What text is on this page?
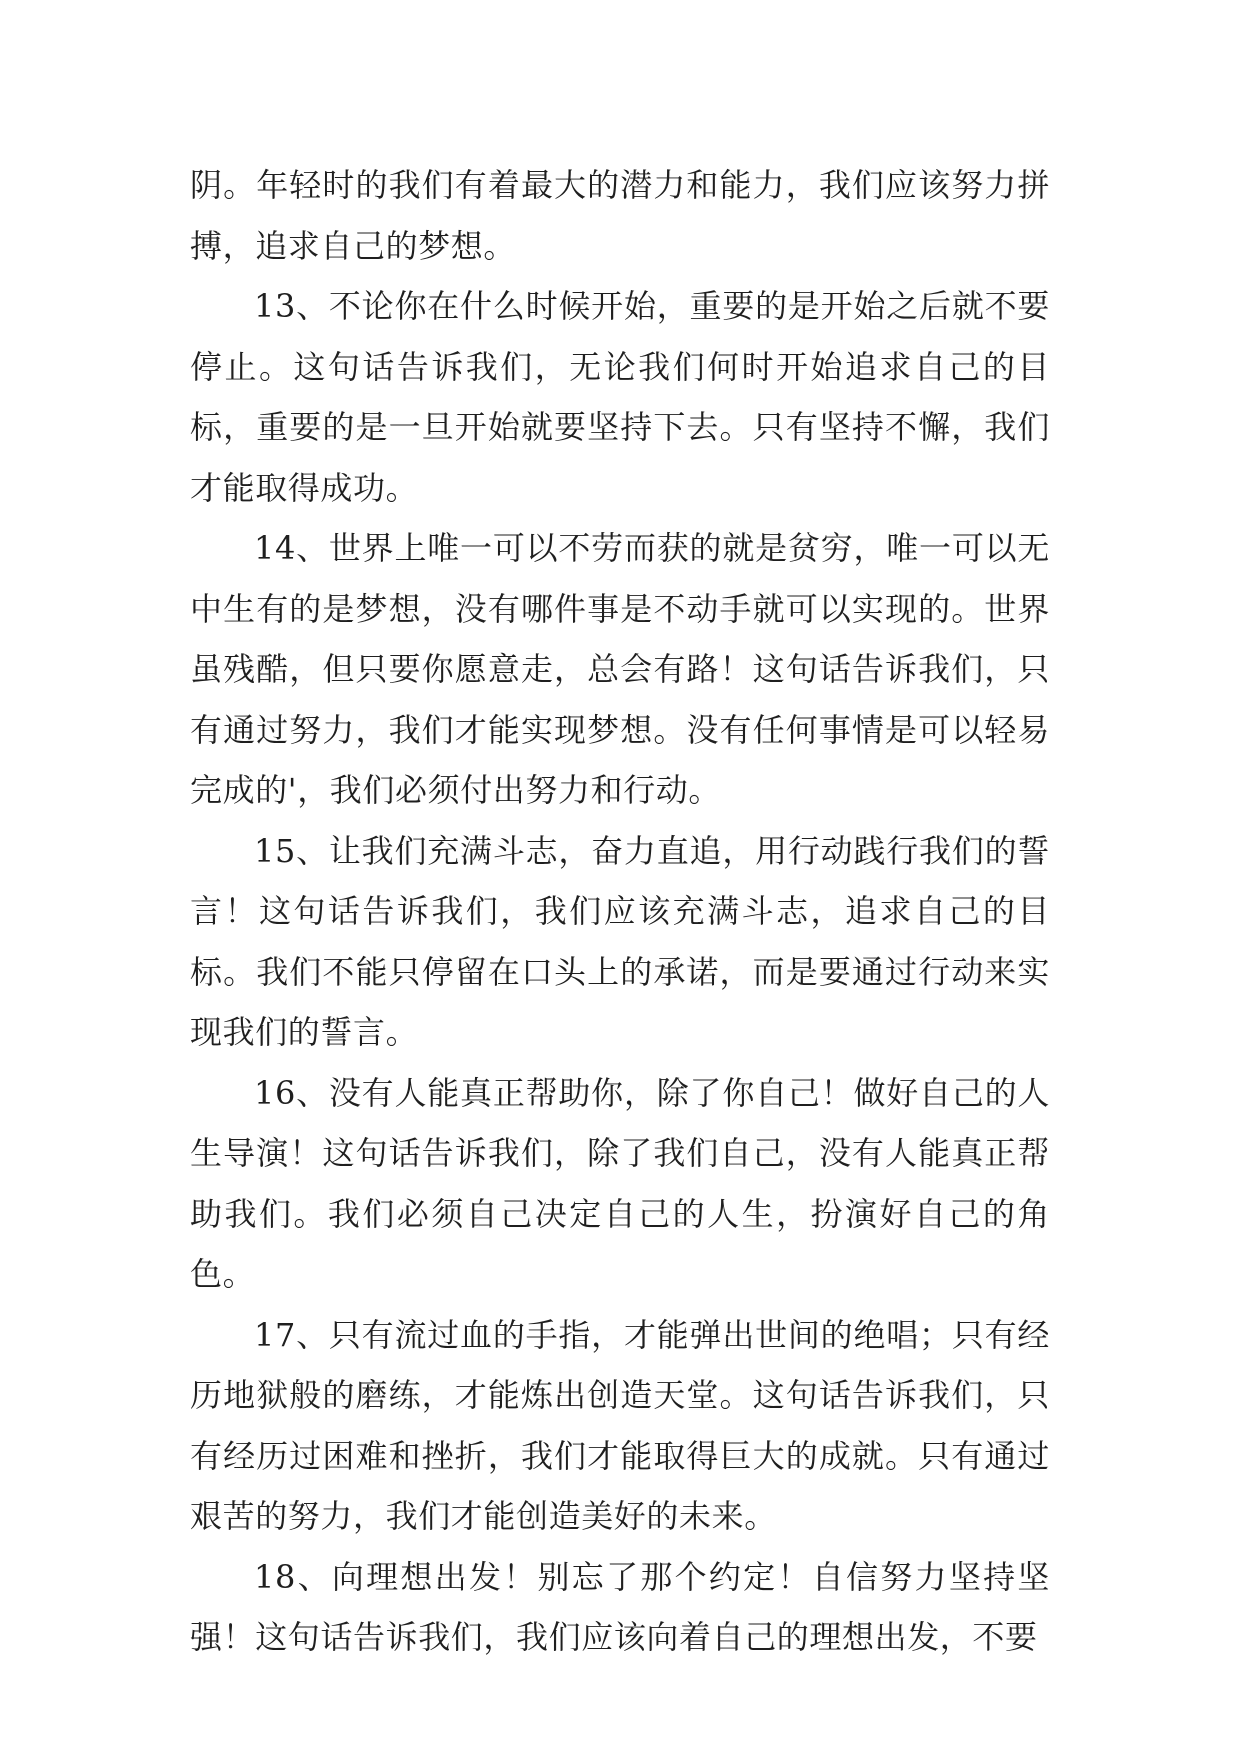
阴。年轻时的我们有着最大的潜力和能力，我们应该努力拼搏，追求自己的梦想。

13、不论你在什么时候开始，重要的是开始之后就不要停止。这句话告诉我们，无论我们何时开始追求自己的目标，重要的是一旦开始就要坚持下去。只有坚持不懈，我们才能取得成功。

14、世界上唯一可以不劳而获的就是贫穷，唯一可以无中生有的是梦想，没有哪件事是不动手就可以实现的。世界虽残酷，但只要你愿意走，总会有路！这句话告诉我们，只有通过努力，我们才能实现梦想。没有任何事情是可以轻易完成的'，我们必须付出努力和行动。

15、让我们充满斗志，奋力直追，用行动践行我们的誓言！这句话告诉我们，我们应该充满斗志，追求自己的目标。我们不能只停留在口头上的承诺，而是要通过行动来实现我们的誓言。

16、没有人能真正帮助你，除了你自己！做好自己的人生导演！这句话告诉我们，除了我们自己，没有人能真正帮助我们。我们必须自己决定自己的人生，扮演好自己的角色。

17、只有流过血的手指，才能弹出世间的绝唱；只有经历地狱般的磨练，才能炼出创造天堂。这句话告诉我们，只有经历过困难和挫折，我们才能取得巨大的成就。只有通过艰苦的努力，我们才能创造美好的未来。

18、向理想出发！别忘了那个约定！自信努力坚持坚强！这句话告诉我们，我们应该向着自己的理想出发，不要
